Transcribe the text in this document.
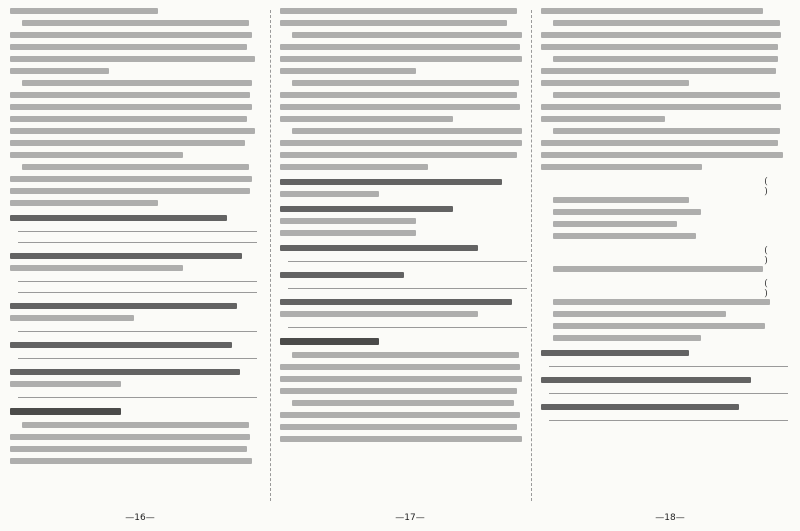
( )
( )
( )
—16—	—17—	—18—
